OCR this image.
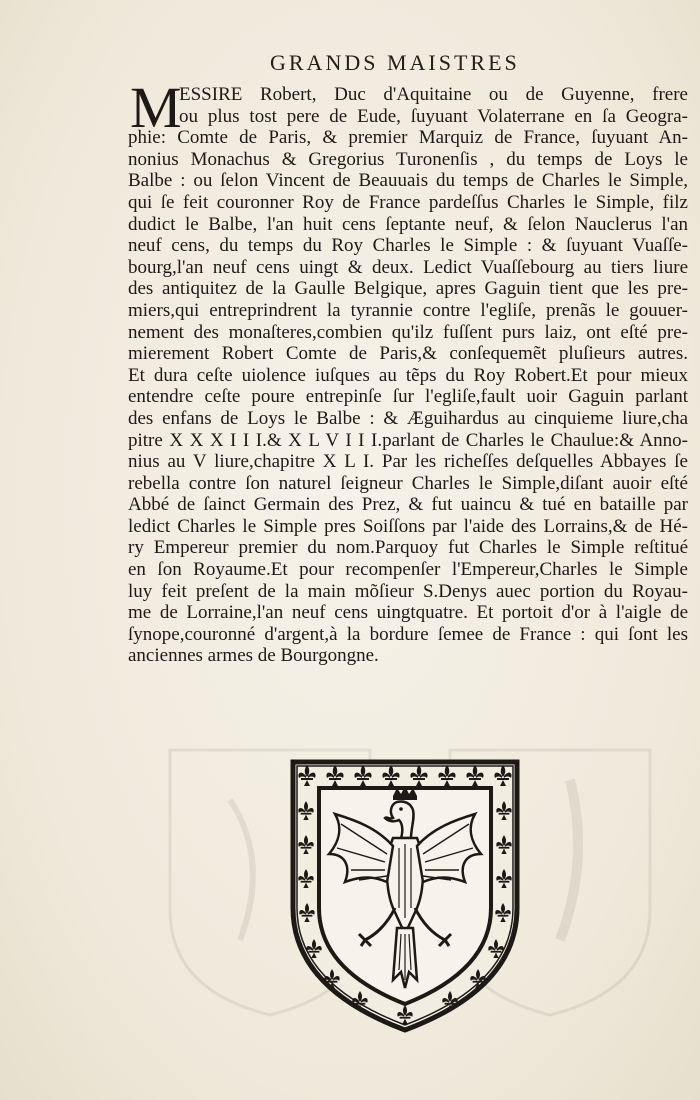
GRANDS MAISTRES
M
ESSIRE Robert, Duc d'Aquitaine ou de Guyenne, frere
ou plus tost pere de Eude, ſuyuant Volaterrane en ſa Geogra-
phie: Comte de Paris, & premier Marquiz de France, ſuyuant An-
nonius Monachus & Gregorius Turonenſis , du temps de Loys le
Balbe : ou ſelon Vincent de Beauuais du temps de Charles le Simple,
qui ſe feit couronner Roy de France pardeſſus Charles le Simple, filz
dudict le Balbe, l'an huit cens ſeptante neuf, & ſelon Nauclerus l'an
neuf cens, du temps du Roy Charles le Simple : & ſuyuant Vuaſſe-
bourg,l'an neuf cens uingt & deux. Ledict Vuaſſebourg au tiers liure
des antiquitez de la Gaulle Belgique, apres Gaguin tient que les pre-
miers,qui entreprindrent la tyrannie contre l'egliſe, prenãs le gouuer-
nement des monaſteres,combien qu'ilz fuſſent purs laiz, ont eſté pre-
mierement Robert Comte de Paris,& conſequemẽt pluſieurs autres.
Et dura ceſte uiolence iuſques au tẽps du Roy Robert.Et pour mieux
entendre ceſte poure entrepinſe ſur l'egliſe,fault uoir Gaguin parlant
des enfans de Loys le Balbe : & Æguihardus au cinquieme liure,cha
pitre X X X I I I.& X L V I I I.parlant de Charles le Chaulue:& Anno-
nius au V liure,chapitre X L I. Par les richeſſes deſquelles Abbayes ſe
rebella contre ſon naturel ſeigneur Charles le Simple,diſant auoir eſté
Abbé de ſainct Germain des Prez, & fut uaincu & tué en bataille par
ledict Charles le Simple pres Soiſſons par l'aide des Lorrains,& de Hé-
ry Empereur premier du nom.Parquoy fut Charles le Simple reſtitué
en ſon Royaume.Et pour recompenſer l'Empereur,Charles le Simple
luy feit preſent de la main mõſieur S.Denys auec portion du Royau-
me de Lorraine,l'an neuf cens uingtquatre. Et portoit d'or à l'aigle de
ſynope,couronné d'argent,à la bordure ſemee de France : qui ſont les
anciennes armes de Bourgongne.
